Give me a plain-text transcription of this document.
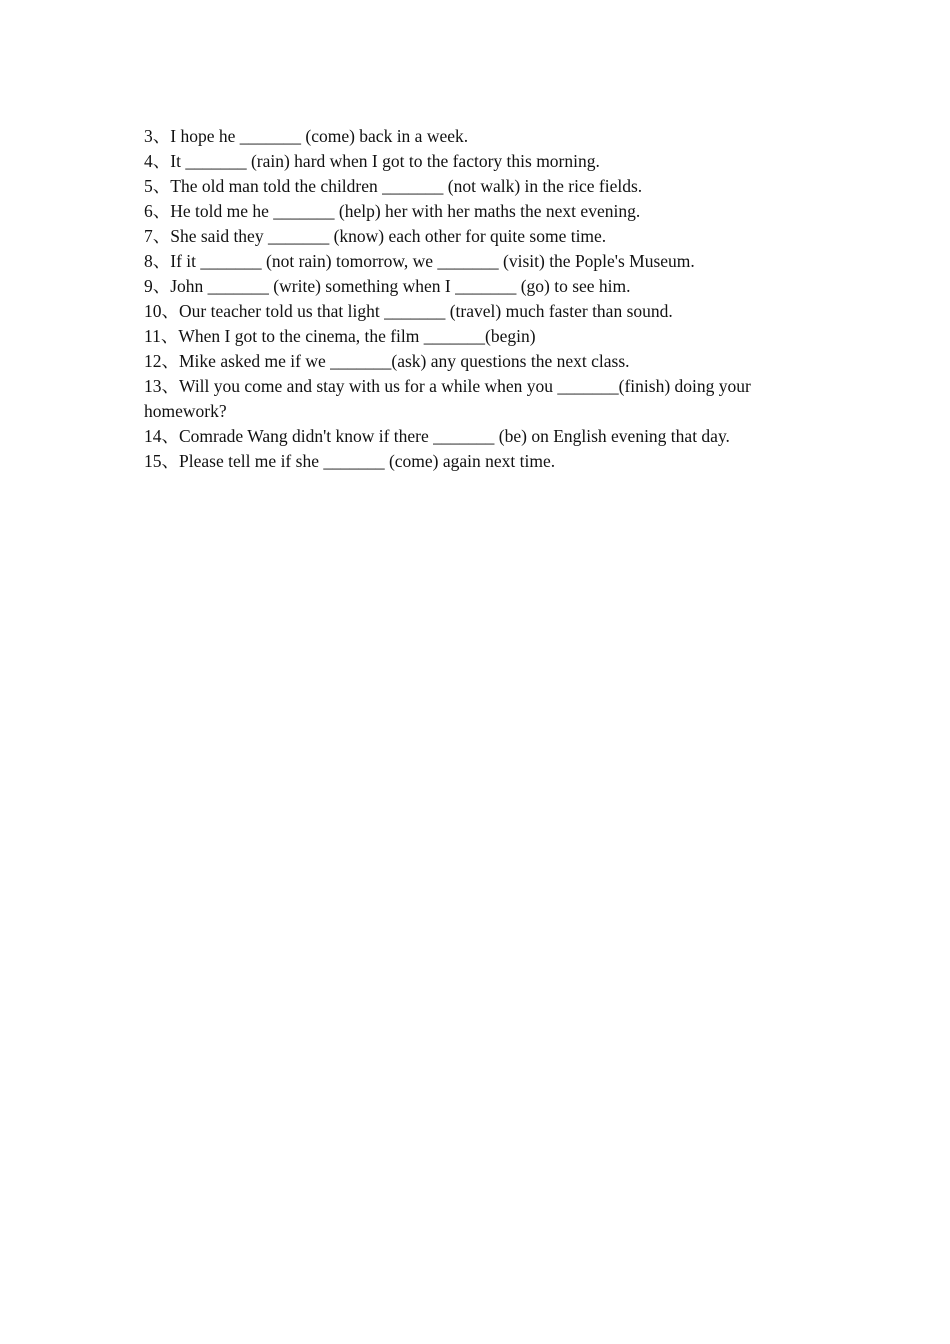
3、I hope he _______ (come) back in a week.
4、It _______ (rain) hard when I got to the factory this morning.
5、The old man told the children _______ (not walk) in the rice fields.
6、He told me he _______ (help) her with her maths the next evening.
7、She said they _______ (know) each other for quite some time.
8、If it _______ (not rain) tomorrow, we _______ (visit) the Pople's Museum.
9、John _______ (write) something when I _______ (go) to see him.
10、Our teacher told us that light _______ (travel) much faster than sound.
11、When I got to the cinema, the film _______(begin)
12、Mike asked me if we _______(ask) any questions the next class.
13、Will you come and stay with us for a while when you _______(finish) doing your
homework?
14、Comrade Wang didn't know if there _______ (be) on English evening that day.
15、Please tell me if she _______ (come) again next time.
